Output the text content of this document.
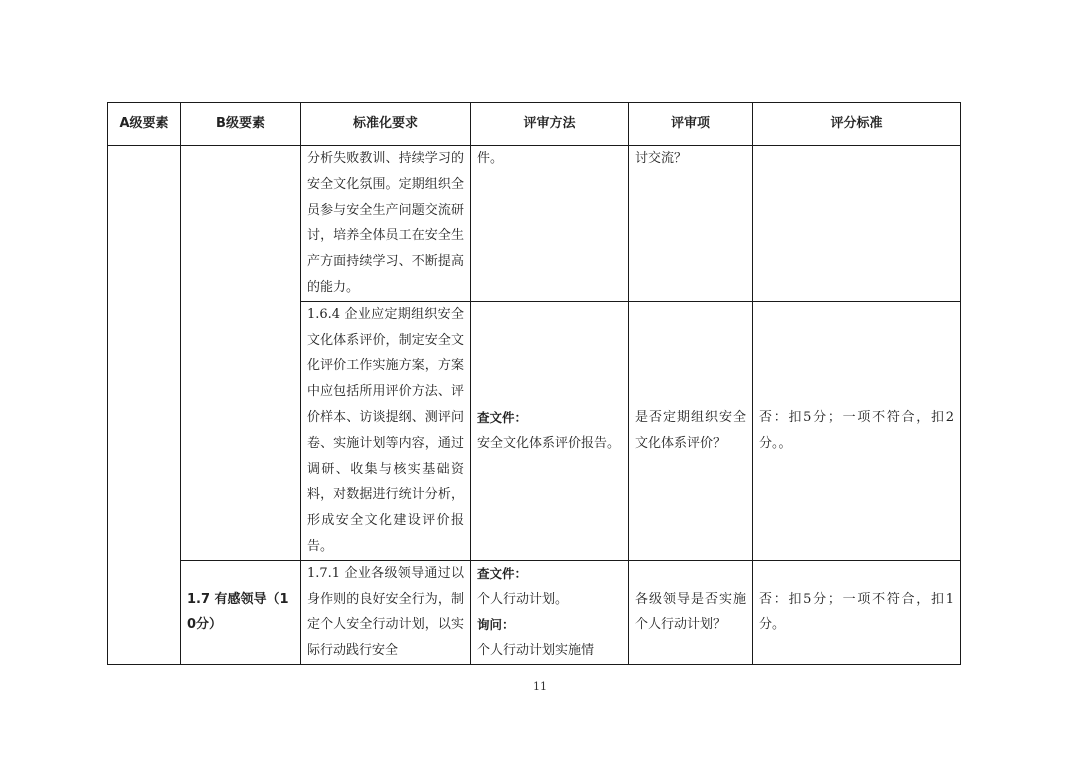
A级要素	B级要素	标准化要求	评审方法	评审项	评分标准
		分析失败教训、持续学习的安全文化氛围。定期组织全员参与安全生产问题交流研讨，培养全体员工在安全生产方面持续学习、不断提高的能力。	件。	讨交流？	
		1.6.4 企业应定期组织安全文化体系评价，制定安全文化评价工作实施方案，方案中应包括所用评价方法、评价样本、访谈提纲、测评问卷、实施计划等内容，通过调研、收集与核实基础资料，对数据进行统计分析，形成安全文化建设评价报告。	查文件：
安全文化体系评价报告。	是否定期组织安全文化体系评价？	否：扣5分；一项不符合，扣2分。。
	1.7 有感领导（10分）	1.7.1 企业各级领导通过以身作则的良好安全行为，制定个人安全行动计划，以实际行动践行安全	查文件：
个人行动计划。
询问：
个人行动计划实施情	各级领导是否实施个人行动计划？	否：扣5分；一项不符合，扣1分。
11
